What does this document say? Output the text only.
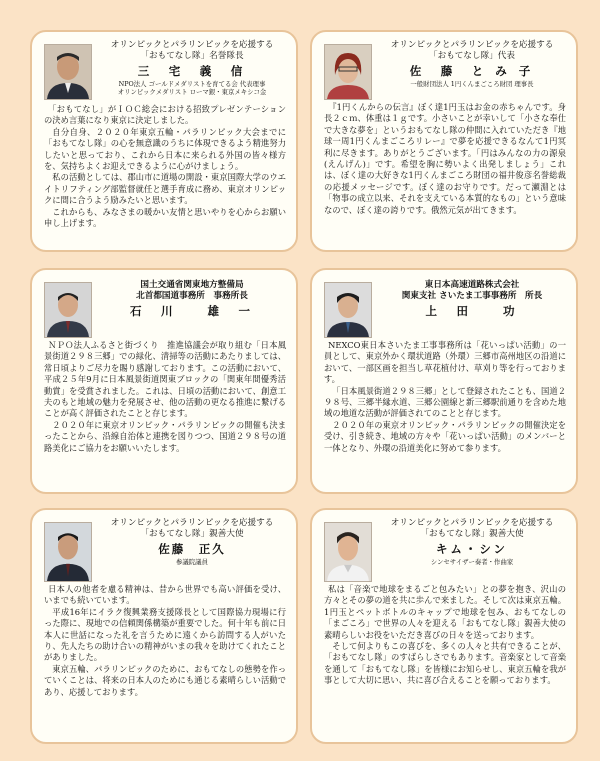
オリンピックとパラリンピックを応援する
「おもてなし隊」名誉隊長
三　宅　義　信
NPO法人 ゴールドメダリストを育てる会 代表理事
オリンピックメダリスト ローマ銀・東京メキシコ金

「おもてなし」がＩＯＣ総会における招致プレゼンテーションの決め言葉になり東京に決定しました。

自分自身、２０２０年東京五輪・パラリンピック大会までに「おもてなし隊」の心を無意識のうちに体現できるよう精進努力したいと思っており、これから日本に来られる外国の皆々様方を、気持ちよくお迎えできるように心がけましょう。

私の活動としては、郡山市に道場の開設・東京国際大学のウエイトリフティング部監督就任と選手育成に務め、東京オリンピックに間に合うよう励みたいと思います。

これからも、みなさまの暖かい友情と思いやりを心からお願い申し上げます。

オリンピックとパラリンピックを応援する
「おもてなし隊」代表
佐　藤　と み 子
一般財団法人 1円くんまごころ財団 理事長

『1円くんからの伝言』ぼく達1円玉はお金の赤ちゃんです。身長２ｃｍ、体重は１ｇです。小さいことが幸いして「小さな奉仕で大きな夢を」というおもてなし隊の仲間に入れていただき『地球一周1円くんまごころリレー』で夢を応援できるなんて1円冥利に尽きます。ありがとうございます。「円はみんなの力の源泉(えんげん)」です。希望を胸に勢いよく出発しましょう」これは、ぼく達の大好きな1円くんまごころ財団の福井俊彦名誉総裁の応援メッセージです。ぼく達のお守りです。だって瀬淵とは「物事の成立以来、それを支えている本質的なもの」という意味なので、ぼく達の誇りです。俄然元気が出てきます。

国土交通省関東地方整備局
北首都国道事務所　事務所長
石　川　　雄　一

ＮＰＯ法人ふるさと街づくり　推進協議会が取り組む「日本風景街道２９８三郷」での緑化、清掃等の活動にあたりましては、常日頃よりご尽力を賜り感謝しております。この活動において、平成２５年9月に日本風景街道関東ブロックの「関東年間優秀活動賞」を受賞されました。これは、日頃の活動において、創意工夫のもと地域の魅力を発展させ、他の活動の更なる推進に繋げることが高く評価されたことと存じます。

２０２０年に東京オリンピック・パラリンピックの開催も決まったことから、沿線自治体と連携を図りつつ、国道２９８号の道路美化にご協力をお願いいたします。

東日本高速道路株式会社
関東支社 さいたま工事事務所　所長
上　田　　功

NEXCO東日本さいたま工事事務所は「花いっぱい活動」の一員として、東京外かく環状道路（外環）三郷市高州地区の沿道において、一部区画を担当し草花植付け、草刈り等を行っております。

「日本風景街道２９８三郷」として登録されたことも、国道２９８号、三郷半縁水道、三郷公園線と新三郷駅前通りを含めた地域の地道な活動が評価されてのことと存じます。

２０２０年の東京オリンピック・パラリンピックの開催決定を受け、引き続き、地域の方々や「花いっぱい活動」のメンバーと一体となり、外環の沿道美化に努めて参ります。

オリンピックとパラリンピックを応援する
「おもてなし隊」親善大使
佐藤　正久
参議院議員

日本人の他者を慮る精神は、昔から世界でも高い評価を受け、いまでも続いています。

平成16年にイラク復興業務支援隊長として国際協力現場に行った際に、現地での信頼関係構築が重要でした。何十年も前に日本人に世話になった礼を言うために遠くから訪問する人がいたり、先人たちの助け合いの精神がいまの我々を助けてくれたことがありました。

東京五輪、パラリンピックのために、おもてなしの態勢を作っていくことは、将来の日本人のためにも通じる素晴らしい活動であり、応援しております。

オリンピックとパラリンピックを応援する
「おもてなし隊」親善大使
キム・シン
シンセサイザー奏者・作曲家

私は「音楽で地球をまるごと包みたい」との夢を抱き、沢山の方々とその夢の道を共に歩んで来ました。そして次は東京五輪。1円玉とペットボトルのキャップで地球を包み、おもてなしの「まごころ」で世界の人々を迎える「おもてなし隊」親善大使の素晴らしいお役をいただき喜びの日々を送っております。

そして何よりもこの喜びを、多くの人々と共有できることが、「おもてなし隊」のすばらしさでもあります。音楽家として音楽を通して「おもてなし隊」を皆様にお知らせし、東京五輪を我が事として大切に思い、共に喜び合えることを願っております。
